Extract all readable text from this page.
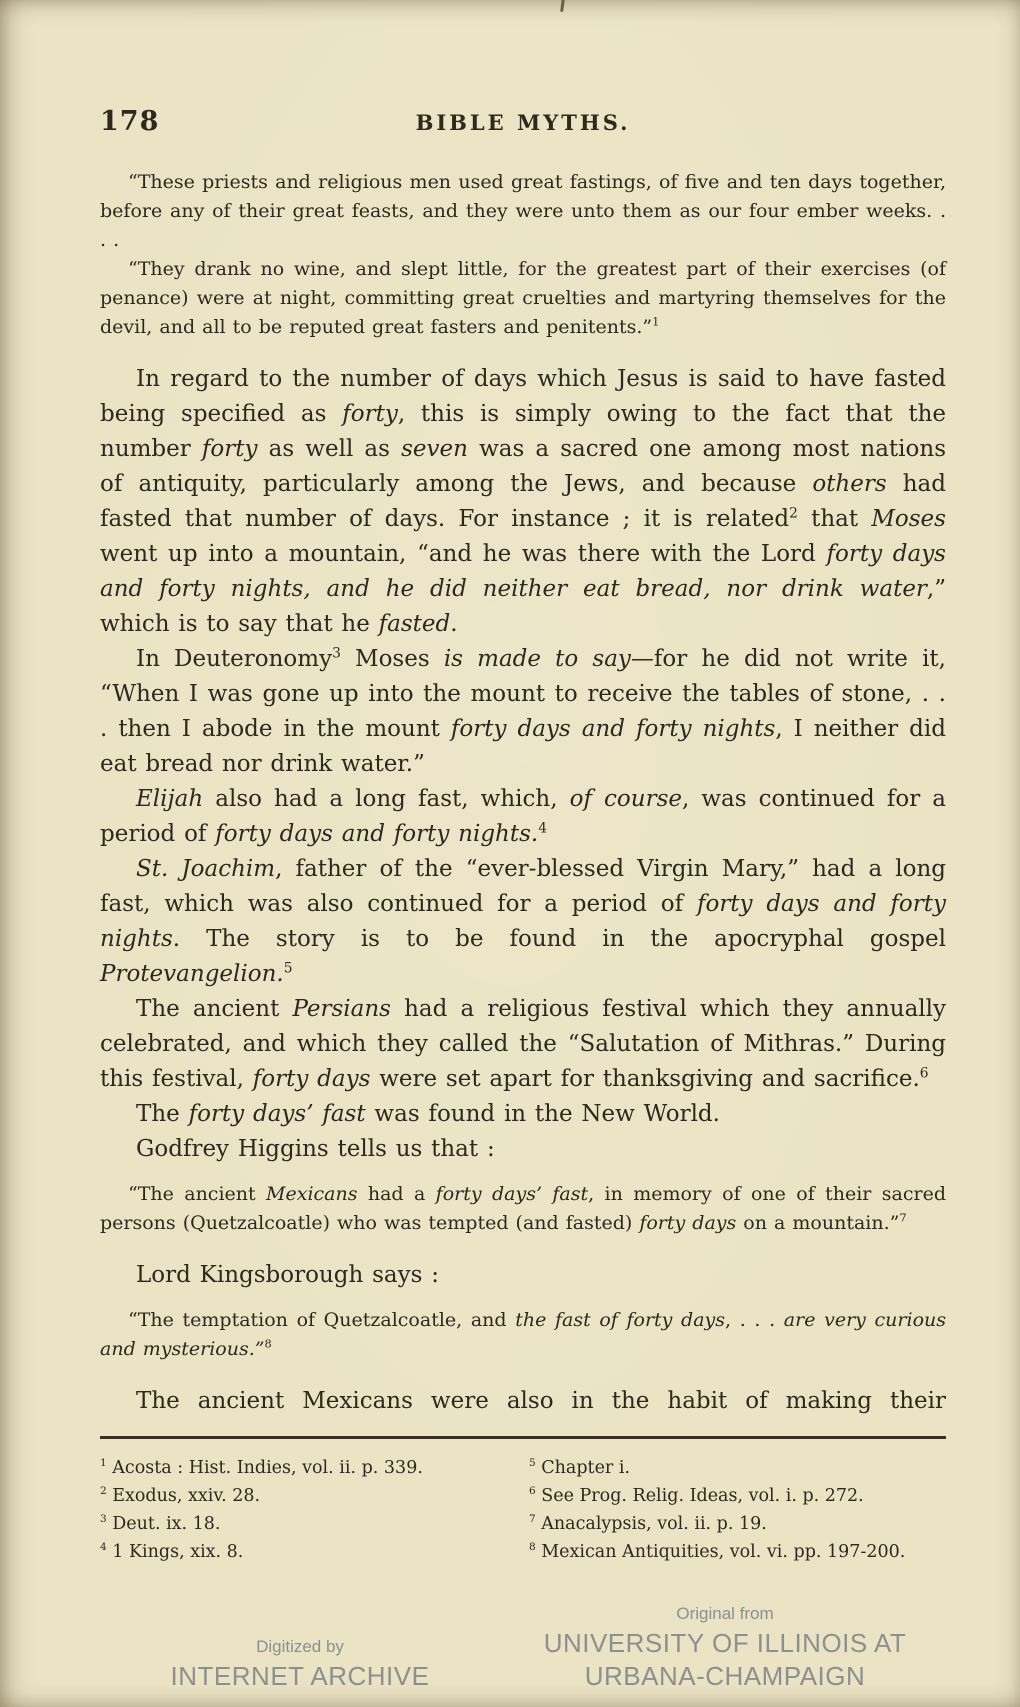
178	BIBLE MYTHS.

“These priests and religious men used great fastings, of five and ten days together, before any of their great feasts, and they were unto them as our four ember weeks. . . .

“They drank no wine, and slept little, for the greatest part of their exercises (of penance) were at night, committing great cruelties and martyring themselves for the devil, and all to be reputed great fasters and penitents.”$^1$

In regard to the number of days which Jesus is said to have fasted being specified as forty, this is simply owing to the fact that the number forty as well as seven was a sacred one among most nations of antiquity, particularly among the Jews, and because others had fasted that number of days. For instance ; it is related$^2$ that Moses went up into a mountain, “and he was there with the Lord forty days and forty nights, and he did neither eat bread, nor drink water,” which is to say that he fasted.

In Deuteronomy$^3$ Moses is made to say—for he did not write it, “When I was gone up into the mount to receive the tables of stone, . . . then I abode in the mount forty days and forty nights, I neither did eat bread nor drink water.”

Elijah also had a long fast, which, of course, was continued for a period of forty days and forty nights.$^4$

St. Joachim, father of the “ever-blessed Virgin Mary,” had a long fast, which was also continued for a period of forty days and forty nights. The story is to be found in the apocryphal gospel Protevangelion.$^5$

The ancient Persians had a religious festival which they annually celebrated, and which they called the “Salutation of Mithras.” During this festival, forty days were set apart for thanksgiving and sacrifice.$^6$

The forty days’ fast was found in the New World.

Godfrey Higgins tells us that :

“The ancient Mexicans had a forty days’ fast, in memory of one of their sacred persons (Quetzalcoatle) who was tempted (and fasted) forty days on a mountain.”$^7$

Lord Kingsborough says :

“The temptation of Quetzalcoatle, and the fast of forty days, . . . are very curious and mysterious.”$^8$

The ancient Mexicans were also in the habit of making their

$^1$ Acosta : Hist. Indies, vol. ii. p. 339.

$^2$ Exodus, xxiv. 28.

$^3$ Deut. ix. 18.

$^4$ 1 Kings, xix. 8.

$^5$ Chapter i.

$^6$ See Prog. Relig. Ideas, vol. i. p. 272.

$^7$ Anacalypsis, vol. ii. p. 19.

$^8$ Mexican Antiquities, vol. vi. pp. 197-200.

Digitized by
INTERNET ARCHIVE
Original from
UNIVERSITY OF ILLINOIS AT
URBANA-CHAMPAIGN
